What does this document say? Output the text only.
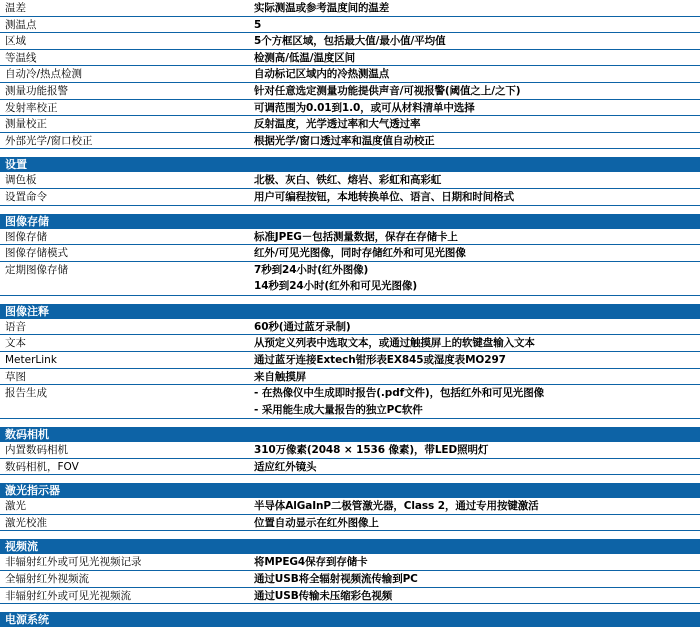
温差	实际测温或参考温度间的温差
测温点	5
区域	5个方框区域，包括最大值/最小值/平均值
等温线	检测高/低温/温度区间
自动冷/热点检测	自动标记区域内的冷热测温点
测量功能报警	针对任意选定测量功能提供声音/可视报警(阈值之上/之下)
发射率校正	可调范围为0.01到1.0，或可从材料清单中选择
测量校正	反射温度，光学透过率和大气透过率
外部光学/窗口校正	根据光学/窗口透过率和温度值自动校正
设置
调色板	北极、灰白、铁红、熔岩、彩虹和高彩虹
设置命令	用户可编程按钮，本地转换单位、语言、日期和时间格式
图像存储
图像存储	标准JPEG－包括测量数据，保存在存储卡上
图像存储模式	红外/可见光图像，同时存储红外和可见光图像
定期图像存储	7秒到24小时(红外图像)
14秒到24小时(红外和可见光图像)
图像注释
语音	60秒(通过蓝牙录制)
文本	从预定义列表中选取文本，或通过触摸屏上的软键盘输入文本
MeterLink	通过蓝牙连接Extech钳形表EX845或湿度表MO297
草图	来自触摸屏
报告生成	- 在热像仪中生成即时报告(.pdf文件)，包括红外和可见光图像
- 采用能生成大量报告的独立PC软件
数码相机
内置数码相机	310万像素(2048 × 1536 像素)，带LED照明灯
数码相机，FOV	适应红外镜头
激光指示器
激光	半导体AlGaInP二极管激光器，Class 2，通过专用按键激活
激光校准	位置自动显示在红外图像上
视频流
非辐射红外或可见光视频记录	将MPEG4保存到存储卡
全辐射红外视频流	通过USB将全辐射视频流传输到PC
非辐射红外或可见光视频流	通过USB传输未压缩彩色视频
电源系统
